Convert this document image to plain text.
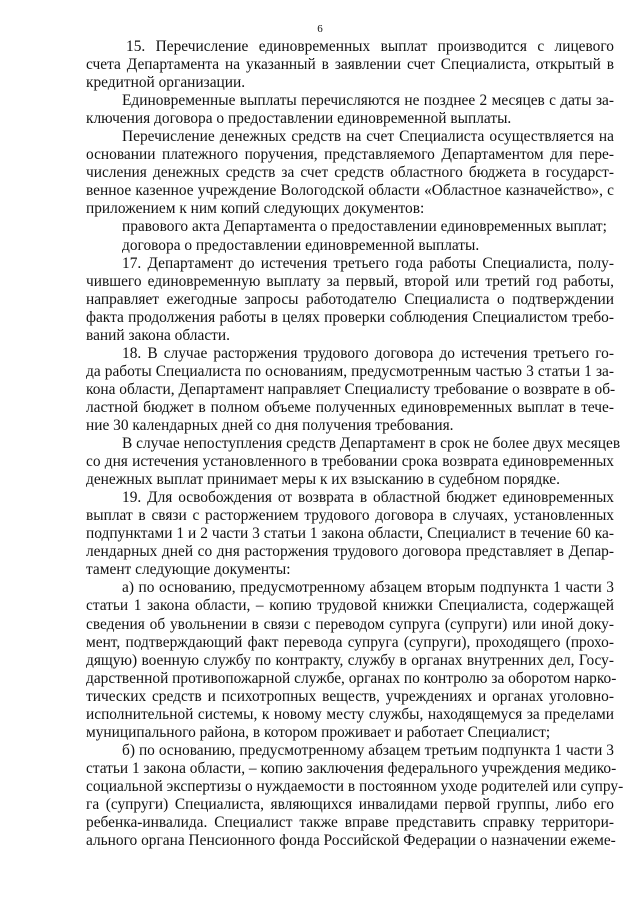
6
15. Перечисление единовременных выплат производится с лицевого
счета Департамента на указанный в заявлении счет Специалиста, открытый в
кредитной организации.
Единовременные выплаты перечисляются не позднее 2 месяцев с даты за-
ключения договора о предоставлении единовременной выплаты.
Перечисление денежных средств на счет Специалиста осуществляется на
основании платежного поручения, представляемого Департаментом для пере-
числения денежных средств за счет средств областного бюджета в государст-
венное казенное учреждение Вологодской области «Областное казначейство», с
приложением к ним копий следующих документов:
правового акта Департамента о предоставлении единовременных выплат;
договора о предоставлении единовременной выплаты.
17. Департамент до истечения третьего года работы Специалиста, полу-
чившего единовременную выплату за первый, второй или третий год работы,
направляет ежегодные запросы работодателю Специалиста о подтверждении
факта продолжения работы в целях проверки соблюдения Специалистом требо-
ваний закона области.
18. В случае расторжения трудового договора до истечения третьего го-
да работы Специалиста по основаниям, предусмотренным частью 3 статьи 1 за-
кона области, Департамент направляет Специалисту требование о возврате в об-
ластной бюджет в полном объеме полученных единовременных выплат в тече-
ние 30 календарных дней со дня получения требования.
В случае непоступления средств Департамент в срок не более двух месяцев
со дня истечения установленного в требовании срока возврата единовременных
денежных выплат принимает меры к их взысканию в судебном порядке.
19. Для освобождения от возврата в областной бюджет единовременных
выплат в связи с расторжением трудового договора в случаях, установленных
подпунктами 1 и 2 части 3 статьи 1 закона области, Специалист в течение 60 ка-
лендарных дней со дня расторжения трудового договора представляет в Депар-
тамент следующие документы:
а) по основанию, предусмотренному абзацем вторым подпункта 1 части 3
статьи 1 закона области, – копию трудовой книжки Специалиста, содержащей
сведения об увольнении в связи с переводом супруга (супруги) или иной доку-
мент, подтверждающий факт перевода супруга (супруги), проходящего (прохо-
дящую) военную службу по контракту, службу в органах внутренних дел, Госу-
дарственной противопожарной службе, органах по контролю за оборотом нарко-
тических средств и психотропных веществ, учреждениях и органах уголовно-
исполнительной системы, к новому месту службы, находящемуся за пределами
муниципального района, в котором проживает и работает Специалист;
б) по основанию, предусмотренному абзацем третьим подпункта 1 части 3
статьи 1 закона области, – копию заключения федерального учреждения медико-
социальной экспертизы о нуждаемости в постоянном уходе родителей или супру-
га (супруги) Специалиста, являющихся инвалидами первой группы, либо его
ребенка-инвалида. Специалист также вправе представить справку территори-
ального органа Пенсионного фонда Российской Федерации о назначении ежеме-
